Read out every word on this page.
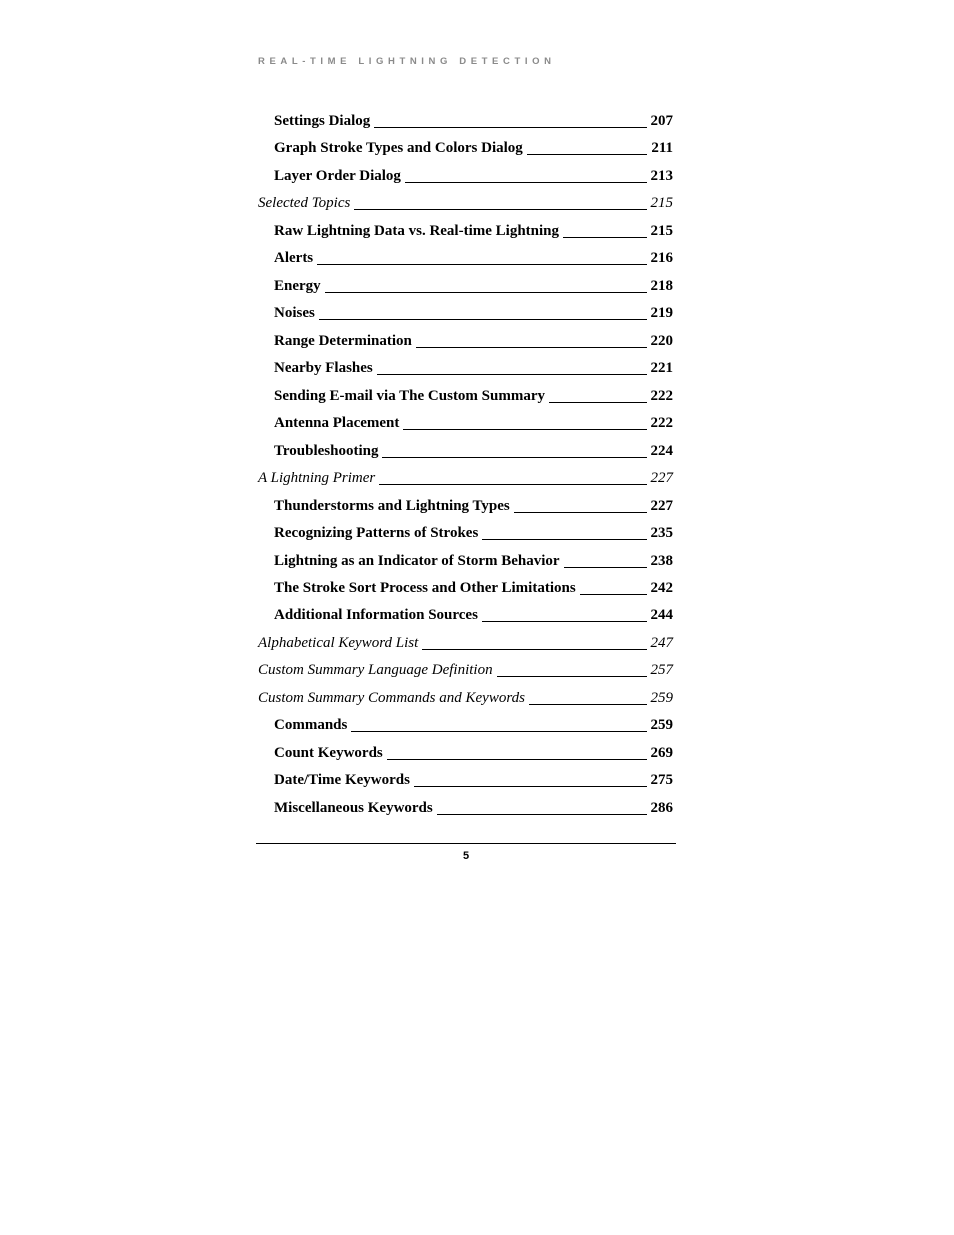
REAL-TIME LIGHTNING DETECTION
Settings Dialog	207
Graph Stroke Types and Colors Dialog	211
Layer Order Dialog	213
Selected Topics	215
Raw Lightning Data vs. Real-time Lightning	215
Alerts	216
Energy	218
Noises	219
Range Determination	220
Nearby Flashes	221
Sending E-mail via The Custom Summary	222
Antenna Placement	222
Troubleshooting	224
A Lightning Primer	227
Thunderstorms and Lightning Types	227
Recognizing Patterns of Strokes	235
Lightning as an Indicator of Storm Behavior	238
The Stroke Sort Process and Other Limitations	242
Additional Information Sources	244
Alphabetical Keyword List	247
Custom Summary Language Definition	257
Custom Summary Commands and Keywords	259
Commands	259
Count Keywords	269
Date/Time Keywords	275
Miscellaneous Keywords	286
5
